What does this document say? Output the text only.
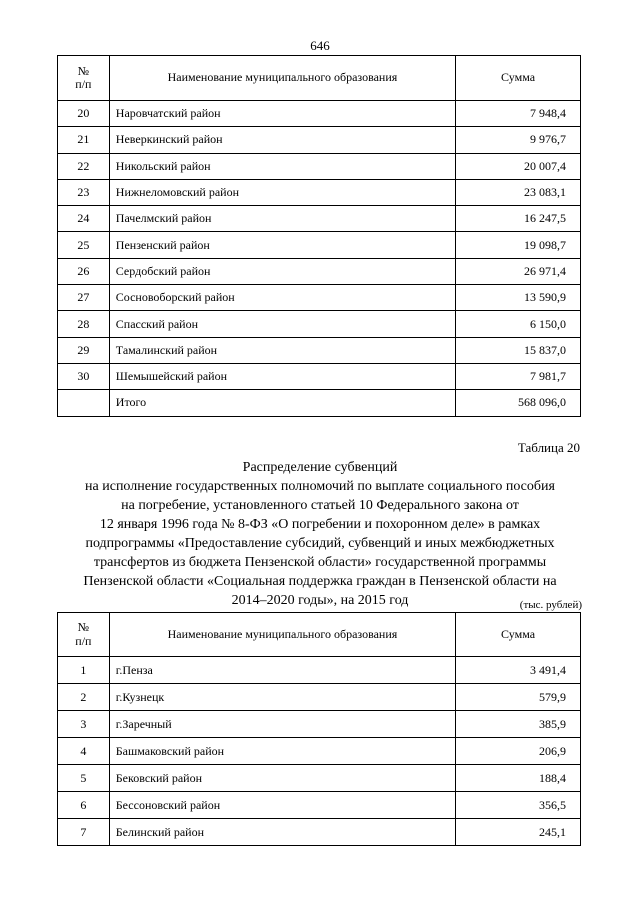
646
№
п/п	Наименование муниципального образования	Сумма
20	Наровчатский район	7 948,4
21	Неверкинский район	9 976,7
22	Никольский район	20 007,4
23	Нижнеломовский район	23 083,1
24	Пачелмский район	16 247,5
25	Пензенский район	19 098,7
26	Сердобский район	26 971,4
27	Сосновоборский район	13 590,9
28	Спасский район	6 150,0
29	Тамалинский район	15 837,0
30	Шемышейский район	7 981,7
	Итого	568 096,0
Таблица 20
Распределение субвенций
на исполнение государственных полномочий по выплате социального пособия
на погребение, установленного статьей 10 Федерального закона от
12 января 1996 года № 8-ФЗ «О погребении и похоронном деле» в рамках
подпрограммы «Предоставление субсидий, субвенций и иных межбюджетных
трансфертов из бюджета Пензенской области» государственной программы
Пензенской области «Социальная поддержка граждан в Пензенской области на
2014–2020 годы», на 2015 год	(тыс. рублей)
№
п/п	Наименование муниципального образования	Сумма
1	г.Пенза	3 491,4
2	г.Кузнецк	579,9
3	г.Заречный	385,9
4	Башмаковский район	206,9
5	Бековский район	188,4
6	Бессоновский район	356,5
7	Белинский район	245,1
